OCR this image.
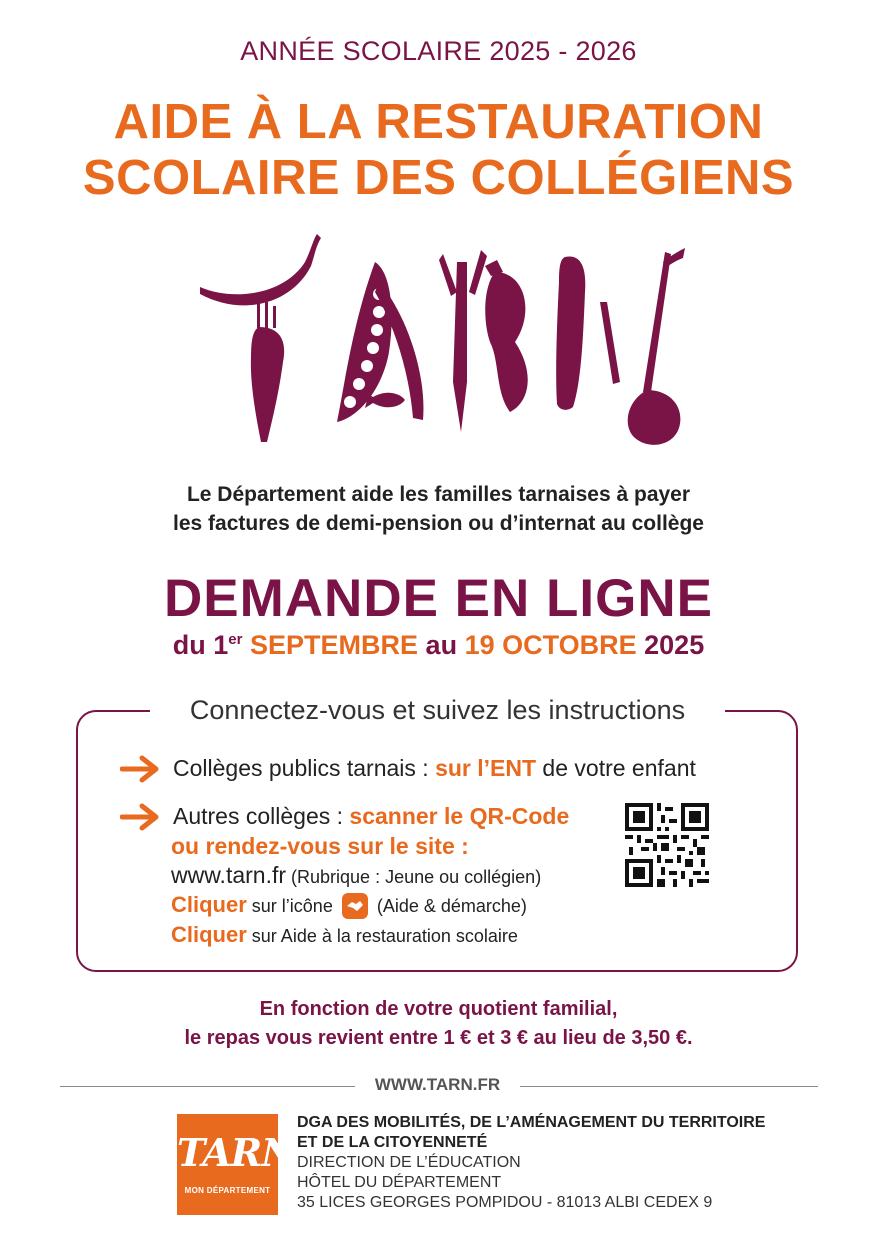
ANNÉE SCOLAIRE 2025 - 2026
AIDE À LA RESTAURATION
SCOLAIRE DES COLLÉGIENS
Le Département aide les familles tarnaises à payer
les factures de demi-pension ou d’internat au collège
DEMANDE EN LIGNE
du 1er SEPTEMBRE au 19 OCTOBRE 2025
Connectez-vous et suivez les instructions
Collèges publics tarnais : sur l’ENT de votre enfant
Autres collèges : scanner le QR-Code
ou rendez-vous sur le site :
www.tarn.fr (Rubrique : Jeune ou collégien)
Cliquer sur l’icône  (Aide & démarche)
Cliquer sur Aide à la restauration scolaire
En fonction de votre quotient familial,
le repas vous revient entre 1 € et 3 € au lieu de 3,50 €.
WWW.TARN.FR
TARN
MON DÉPARTEMENT
DGA DES MOBILITÉS, DE L’AMÉNAGEMENT DU TERRITOIRE
ET DE LA CITOYENNETÉ
DIRECTION DE L’ÉDUCATION
HÔTEL DU DÉPARTEMENT
35 LICES GEORGES POMPIDOU - 81013 ALBI CEDEX 9
